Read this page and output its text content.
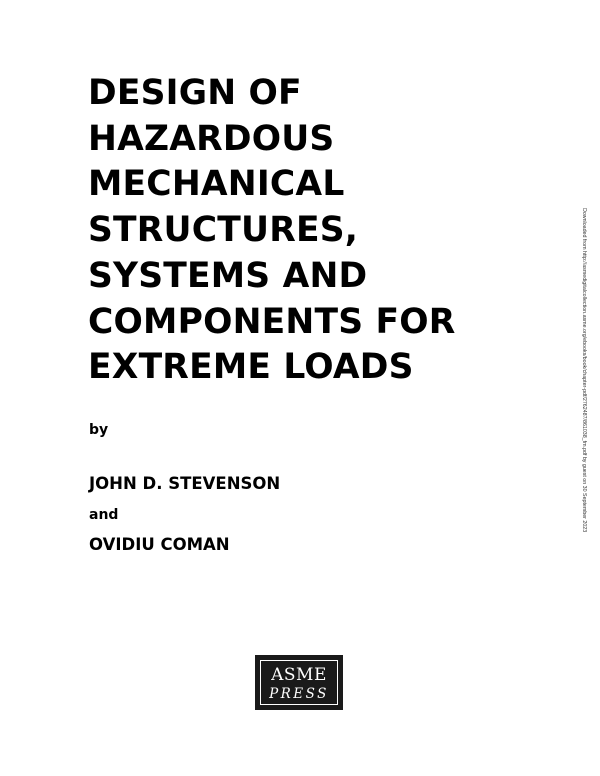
DESIGN OF
HAZARDOUS
MECHANICAL
STRUCTURES,
SYSTEMS AND
COMPONENTS FOR
EXTREME LOADS
by
JOHN D. STEVENSON
and
OVIDIU COMAN
Downloaded from http://asmedigitalcollection.asme.org/ebooks/book/chapter-pdf/2762487/861038_fm.pdf by guest on 30 September 2023
ASME
PRESS
